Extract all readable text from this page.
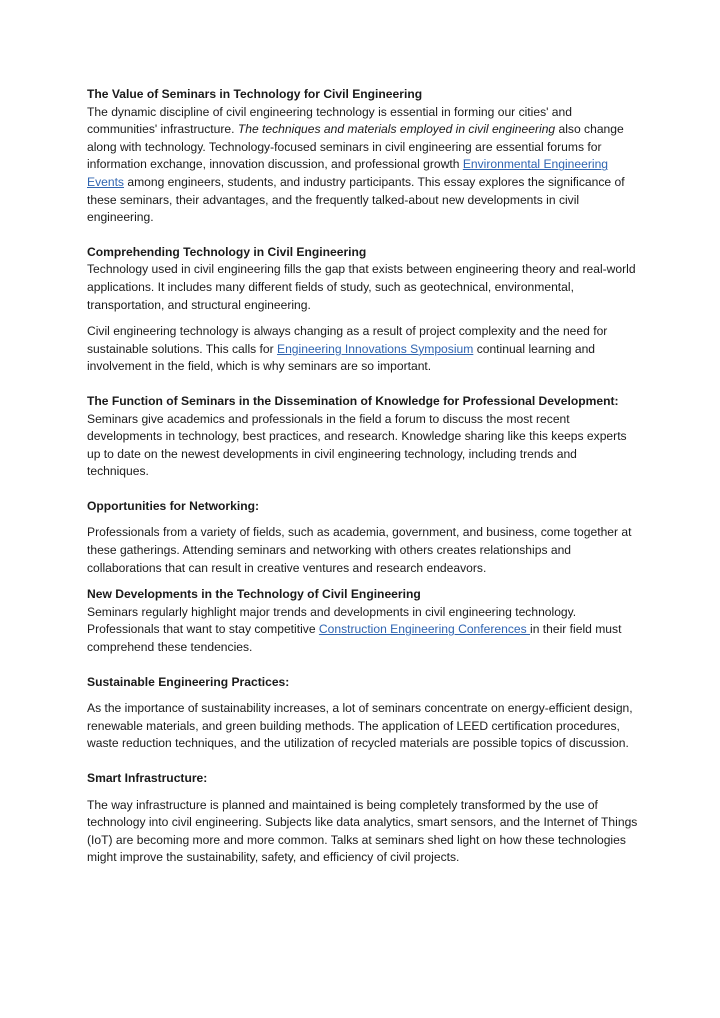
The Value of Seminars in Technology for Civil Engineering

The dynamic discipline of civil engineering technology is essential in forming our cities' and communities' infrastructure. The techniques and materials employed in civil engineering also change along with technology. Technology-focused seminars in civil engineering are essential forums for information exchange, innovation discussion, and professional growth Environmental Engineering Events among engineers, students, and industry participants. This essay explores the significance of these seminars, their advantages, and the frequently talked-about new developments in civil engineering.

Comprehending Technology in Civil Engineering

Technology used in civil engineering fills the gap that exists between engineering theory and real-world applications. It includes many different fields of study, such as geotechnical, environmental, transportation, and structural engineering.

Civil engineering technology is always changing as a result of project complexity and the need for sustainable solutions. This calls for Engineering Innovations Symposium continual learning and involvement in the field, which is why seminars are so important.

The Function of Seminars in the Dissemination of Knowledge for Professional Development:

Seminars give academics and professionals in the field a forum to discuss the most recent developments in technology, best practices, and research. Knowledge sharing like this keeps experts up to date on the newest developments in civil engineering technology, including trends and techniques.

Opportunities for Networking:

Professionals from a variety of fields, such as academia, government, and business, come together at these gatherings. Attending seminars and networking with others creates relationships and collaborations that can result in creative ventures and research endeavors.

New Developments in the Technology of Civil Engineering

Seminars regularly highlight major trends and developments in civil engineering technology. Professionals that want to stay competitive Construction Engineering Conferences in their field must comprehend these tendencies.

Sustainable Engineering Practices:

As the importance of sustainability increases, a lot of seminars concentrate on energy-efficient design, renewable materials, and green building methods. The application of LEED certification procedures, waste reduction techniques, and the utilization of recycled materials are possible topics of discussion.

Smart Infrastructure:

The way infrastructure is planned and maintained is being completely transformed by the use of technology into civil engineering. Subjects like data analytics, smart sensors, and the Internet of Things (IoT) are becoming more and more common. Talks at seminars shed light on how these technologies might improve the sustainability, safety, and efficiency of civil projects.
